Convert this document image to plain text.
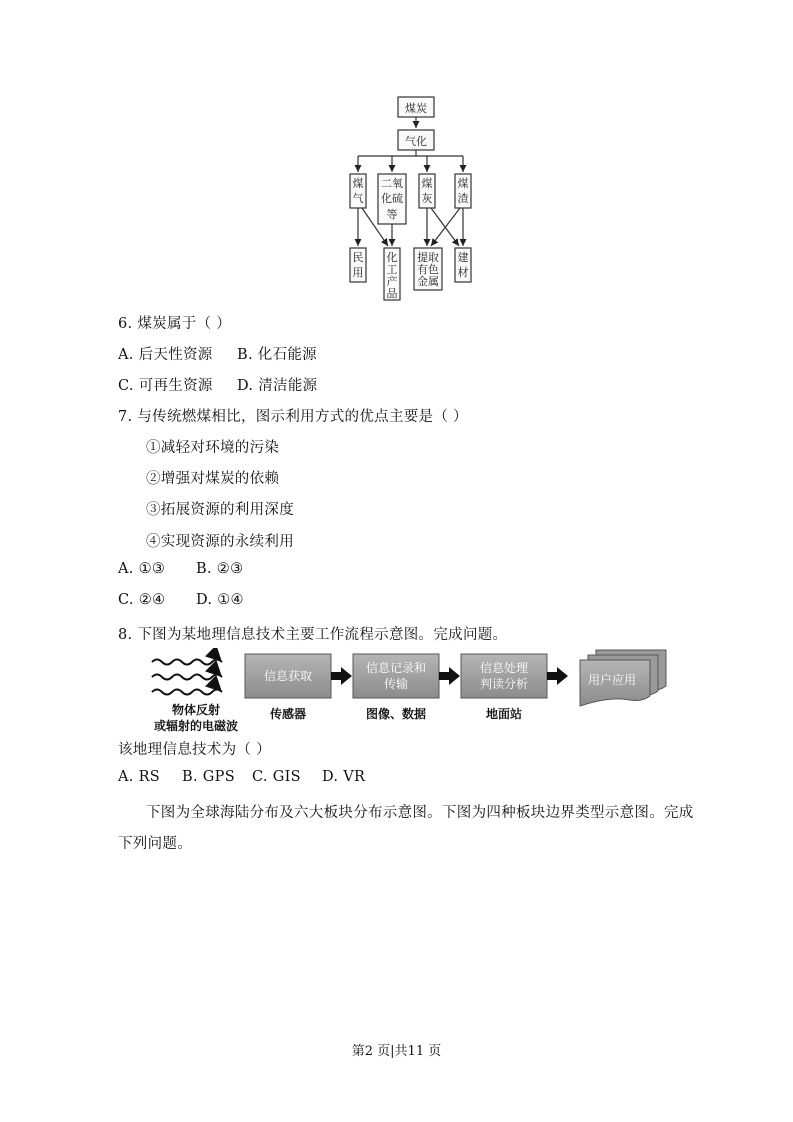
煤炭
气化
煤
气
二氧
化硫
等
煤
灰
煤
渣
民
用
化
工
产
品
提取
有色
金属
建
材
6. 煤炭属于（ ）
A. 后天性资源 B. 化石能源
C. 可再生资源 D. 清洁能源
7. 与传统燃煤相比，图示利用方式的优点主要是（ ）
①减轻对环境的污染
②增强对煤炭的依赖
③拓展资源的利用深度
④实现资源的永续利用
A. ①③ B. ②③
C. ②④ D. ①④
8. 下图为某地理信息技术主要工作流程示意图。完成问题。
信息获取
信息记录和
传输
信息处理
判读分析	用户应用
物体反射
或辐射的电磁波
传感器	图像、数据	地面站
该地理信息技术为（ ）
A. RS B. GPS C. GIS D. VR
下图为全球海陆分布及六大板块分布示意图。下图为四种板块边界类型示意图。完成
下列问题。
第2 页|共11 页
